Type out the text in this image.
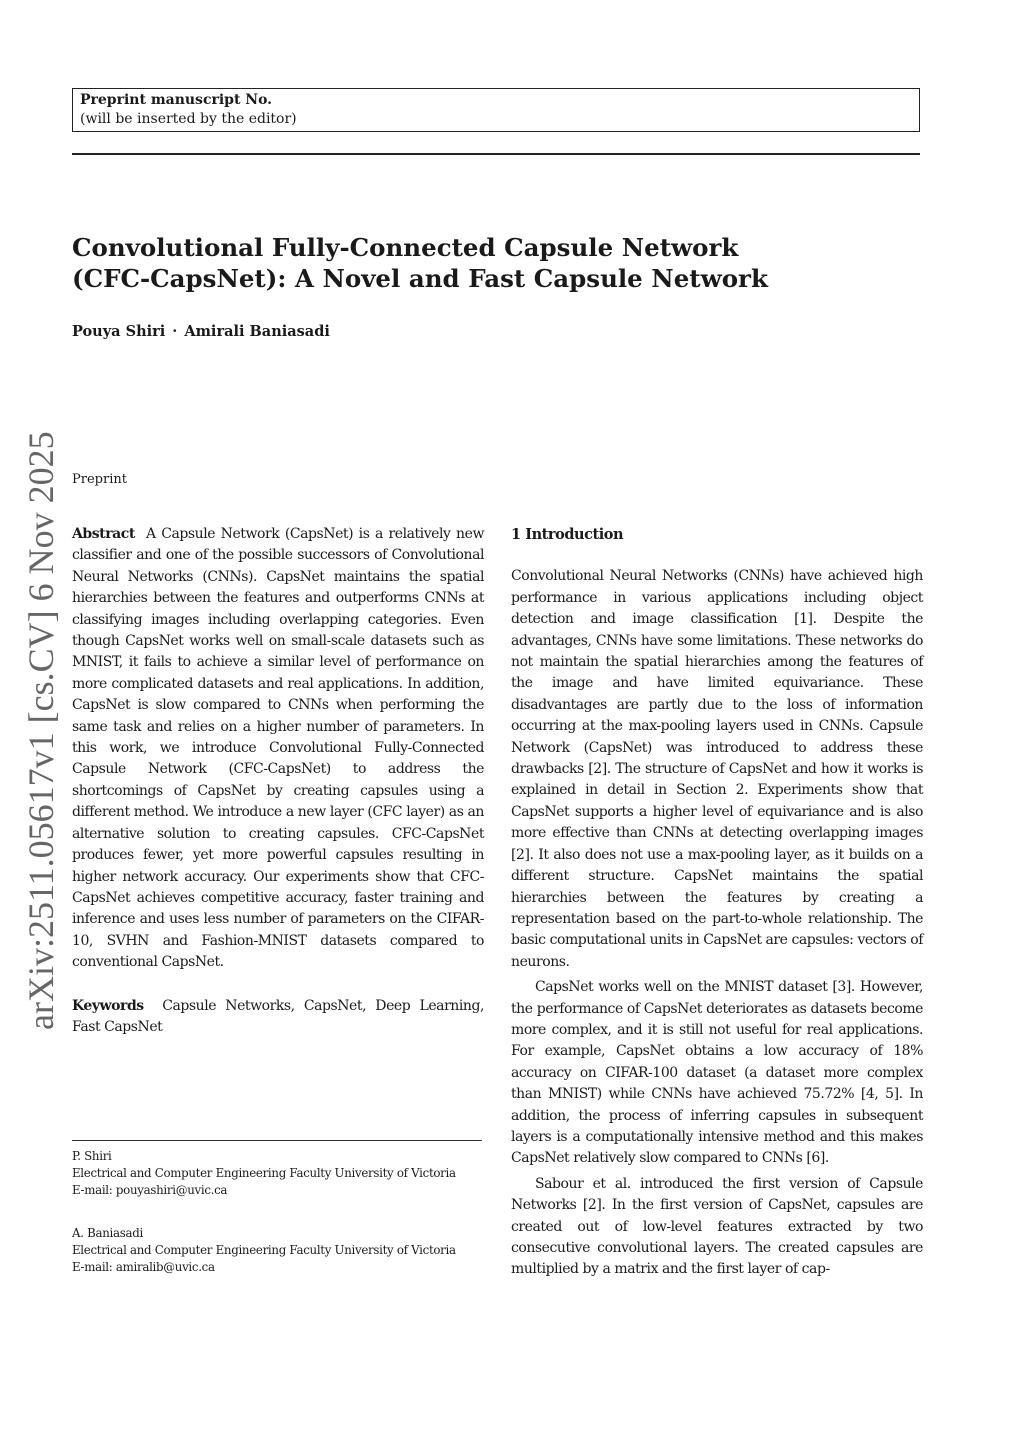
Preprint manuscript No.
(will be inserted by the editor)
Convolutional Fully-Connected Capsule Network
(CFC-CapsNet): A Novel and Fast Capsule Network
Pouya Shiri · Amirali Baniasadi
arXiv:2511.05617v1 [cs.CV] 6 Nov 2025 Preprint

Abstract A Capsule Network (CapsNet) is a relatively new classifier and one of the possible successors of Convolutional Neural Networks (CNNs). CapsNet maintains the spatial hierarchies between the features and outperforms CNNs at classifying images including overlapping categories. Even though CapsNet works well on small-scale datasets such as MNIST, it fails to achieve a similar level of performance on more complicated datasets and real applications. In addition, CapsNet is slow compared to CNNs when performing the same task and relies on a higher number of parameters. In this work, we introduce Convolutional Fully-Connected Capsule Network (CFC-CapsNet) to address the shortcomings of CapsNet by creating capsules using a different method. We introduce a new layer (CFC layer) as an alternative solution to creating capsules. CFC-CapsNet produces fewer, yet more powerful capsules resulting in higher network accuracy. Our experiments show that CFC-CapsNet achieves competitive accuracy, faster training and inference and uses less number of parameters on the CIFAR-10, SVHN and Fashion-MNIST datasets compared to conventional CapsNet.

Keywords Capsule Networks, CapsNet, Deep Learning, Fast CapsNet

P. Shiri

Electrical and Computer Engineering Faculty University of Victoria

E-mail: pouyashiri@uvic.ca

A. Baniasadi

Electrical and Computer Engineering Faculty University of Victoria

E-mail: amiralib@uvic.ca

1 Introduction

Convolutional Neural Networks (CNNs) have achieved high performance in various applications including object detection and image classification [1]. Despite the advantages, CNNs have some limitations. These networks do not maintain the spatial hierarchies among the features of the image and have limited equivariance. These disadvantages are partly due to the loss of information occurring at the max-pooling layers used in CNNs. Capsule Network (CapsNet) was introduced to address these drawbacks [2]. The structure of CapsNet and how it works is explained in detail in Section 2. Experiments show that CapsNet supports a higher level of equivariance and is also more effective than CNNs at detecting overlapping images [2]. It also does not use a max-pooling layer, as it builds on a different structure. CapsNet maintains the spatial hierarchies between the features by creating a representation based on the part-to-whole relationship. The basic computational units in CapsNet are capsules: vectors of neurons.

CapsNet works well on the MNIST dataset [3]. However, the performance of CapsNet deteriorates as datasets become more complex, and it is still not useful for real applications. For example, CapsNet obtains a low accuracy of 18% accuracy on CIFAR-100 dataset (a dataset more complex than MNIST) while CNNs have achieved 75.72% [4, 5]. In addition, the process of inferring capsules in subsequent layers is a computationally intensive method and this makes CapsNet relatively slow compared to CNNs [6].

Sabour et al. introduced the first version of Capsule Networks [2]. In the first version of CapsNet, capsules are created out of low-level features extracted by two consecutive convolutional layers. The created capsules are multiplied by a matrix and the first layer of cap-
